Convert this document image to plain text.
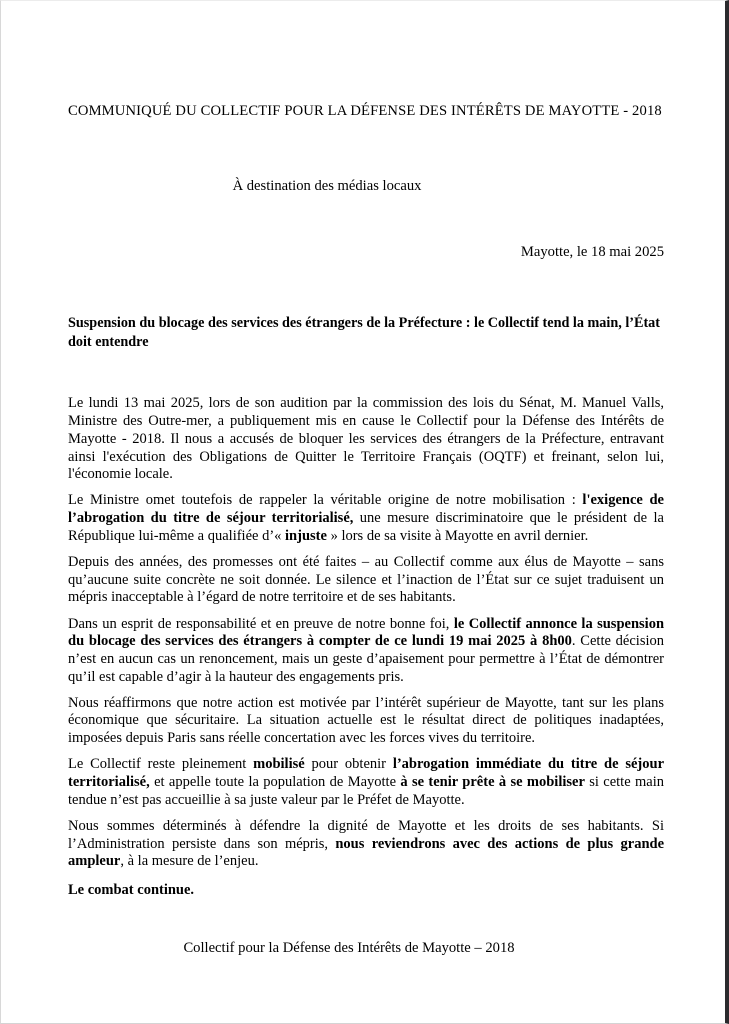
COMMUNIQUÉ DU COLLECTIF POUR LA DÉFENSE DES INTÉRÊTS DE MAYOTTE - 2018
À destination des médias locaux
Mayotte, le 18 mai 2025
Suspension du blocage des services des étrangers de la Préfecture : le Collectif tend la main, l’État doit entendre

Le lundi 13 mai 2025, lors de son audition par la commission des lois du Sénat, M. Manuel Valls, Ministre des Outre-mer, a publiquement mis en cause le Collectif pour la Défense des Intérêts de Mayotte - 2018. Il nous a accusés de bloquer les services des étrangers de la Préfecture, entravant ainsi l'exécution des Obligations de Quitter le Territoire Français (OQTF) et freinant, selon lui, l'économie locale.

Le Ministre omet toutefois de rappeler la véritable origine de notre mobilisation : l'exigence de l’abrogation du titre de séjour territorialisé, une mesure discriminatoire que le président de la République lui-même a qualifiée d’« injuste » lors de sa visite à Mayotte en avril dernier.

Depuis des années, des promesses ont été faites – au Collectif comme aux élus de Mayotte – sans qu’aucune suite concrète ne soit donnée. Le silence et l’inaction de l’État sur ce sujet traduisent un mépris inacceptable à l’égard de notre territoire et de ses habitants.

Dans un esprit de responsabilité et en preuve de notre bonne foi, le Collectif annonce la suspension du blocage des services des étrangers à compter de ce lundi 19 mai 2025 à 8h00. Cette décision n’est en aucun cas un renoncement, mais un geste d’apaisement pour permettre à l’État de démontrer qu’il est capable d’agir à la hauteur des engagements pris.

Nous réaffirmons que notre action est motivée par l’intérêt supérieur de Mayotte, tant sur les plans économique que sécuritaire. La situation actuelle est le résultat direct de politiques inadaptées, imposées depuis Paris sans réelle concertation avec les forces vives du territoire.

Le Collectif reste pleinement mobilisé pour obtenir l’abrogation immédiate du titre de séjour territorialisé, et appelle toute la population de Mayotte à se tenir prête à se mobiliser si cette main tendue n’est pas accueillie à sa juste valeur par le Préfet de Mayotte.

Nous sommes déterminés à défendre la dignité de Mayotte et les droits de ses habitants. Si l’Administration persiste dans son mépris, nous reviendrons avec des actions de plus grande ampleur, à la mesure de l’enjeu.

Le combat continue.
Collectif pour la Défense des Intérêts de Mayotte – 2018
